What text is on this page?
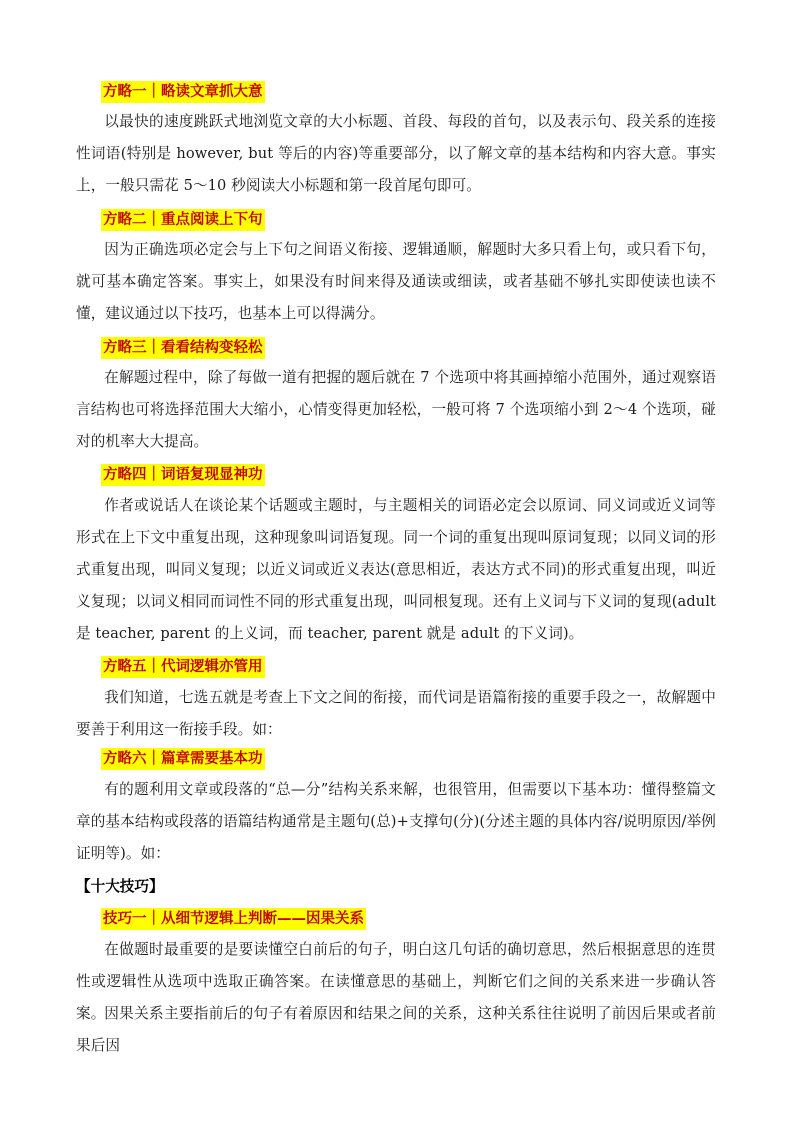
方略一｜略读文章抓大意
以最快的速度跳跃式地浏览文章的大小标题、首段、每段的首句，以及表示句、段关系的连接性词语(特别是 however, but 等后的内容)等重要部分，以了解文章的基本结构和内容大意。事实上，一般只需花 5～10 秒阅读大小标题和第一段首尾句即可。
方略二｜重点阅读上下句
因为正确选项必定会与上下句之间语义衔接、逻辑通顺，解题时大多只看上句，或只看下句，就可基本确定答案。事实上，如果没有时间来得及通读或细读，或者基础不够扎实即使读也读不懂，建议通过以下技巧，也基本上可以得满分。
方略三｜看看结构变轻松
在解题过程中，除了每做一道有把握的题后就在 7 个选项中将其画掉缩小范围外，通过观察语言结构也可将选择范围大大缩小，心情变得更加轻松，一般可将 7 个选项缩小到 2～4 个选项，碰对的机率大大提高。
方略四｜词语复现显神功
作者或说话人在谈论某个话题或主题时，与主题相关的词语必定会以原词、同义词或近义词等形式在上下文中重复出现，这种现象叫词语复现。同一个词的重复出现叫原词复现；以同义词的形式重复出现，叫同义复现；以近义词或近义表达(意思相近，表达方式不同)的形式重复出现，叫近义复现；以词义相同而词性不同的形式重复出现，叫同根复现。还有上义词与下义词的复现(adult 是 teacher, parent 的上义词，而 teacher, parent 就是 adult 的下义词)。
方略五｜代词逻辑亦管用
我们知道，七选五就是考查上下文之间的衔接，而代词是语篇衔接的重要手段之一，故解题中要善于利用这一衔接手段。如：
方略六｜篇章需要基本功
有的题利用文章或段落的“总—分”结构关系来解，也很管用，但需要以下基本功：懂得整篇文章的基本结构或段落的语篇结构通常是主题句(总)+支撑句(分)(分述主题的具体内容/说明原因/举例证明等)。如：
【十大技巧】
技巧一｜从细节逻辑上判断——因果关系
在做题时最重要的是要读懂空白前后的句子，明白这几句话的确切意思，然后根据意思的连贯性或逻辑性从选项中选取正确答案。在读懂意思的基础上，判断它们之间的关系来进一步确认答案。
因果关系主要指前后的句子有着原因和结果之间的关系，这种关系往往说明了前因后果或者前果后因
